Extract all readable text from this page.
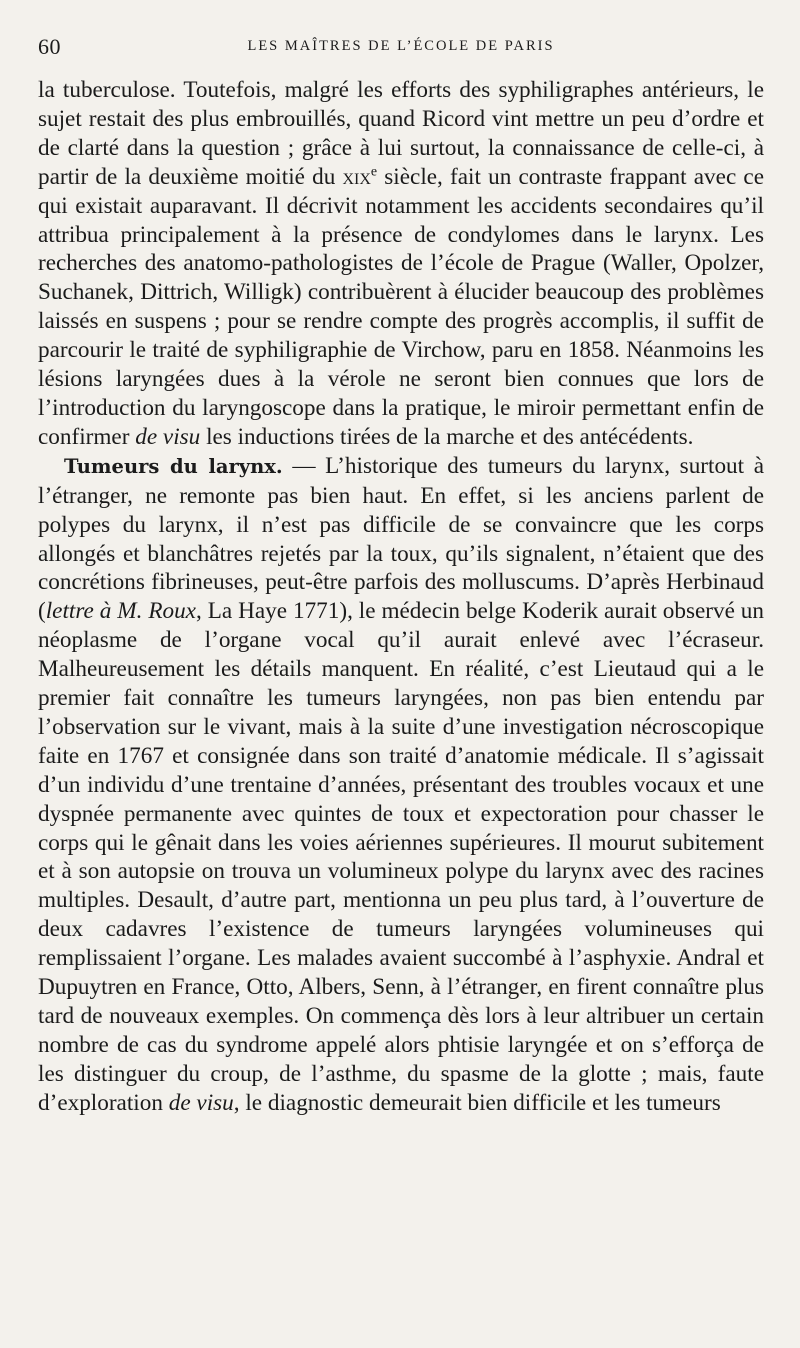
60	LES MAÎTRES DE L’ÉCOLE DE PARIS

la tuberculose. Toutefois, malgré les efforts des syphiligraphes antérieurs, le sujet restait des plus embrouillés, quand Ricord vint mettre un peu d’ordre et de clarté dans la question ; grâce à lui surtout, la connaissance de celle-ci, à partir de la deuxième moitié du xix$^e$ siècle, fait un contraste frappant avec ce qui existait auparavant. Il décrivit notamment les accidents secondaires qu’il attribua principalement à la présence de condylomes dans le larynx. Les recherches des anatomo-pathologistes de l’école de Prague (Waller, Opolzer, Suchanek, Dittrich, Willigk) contribuèrent à élucider beaucoup des problèmes laissés en suspens ; pour se rendre compte des progrès accomplis, il suffit de parcourir le traité de syphiligraphie de Virchow, paru en 1858. Néanmoins les lésions laryngées dues à la vérole ne seront bien connues que lors de l’introduction du laryngoscope dans la pratique, le miroir permettant enfin de confirmer de visu les inductions tirées de la marche et des antécédents.

Tumeurs du larynx. — L’historique des tumeurs du larynx, surtout à l’étranger, ne remonte pas bien haut. En effet, si les anciens parlent de polypes du larynx, il n’est pas difficile de se convaincre que les corps allongés et blanchâtres rejetés par la toux, qu’ils signalent, n’étaient que des concrétions fibrineuses, peut-être parfois des molluscums. D’après Herbinaud (lettre à M. Roux, La Haye 1771), le médecin belge Koderik aurait observé un néoplasme de l’organe vocal qu’il aurait enlevé avec l’écraseur. Malheureusement les détails manquent. En réalité, c’est Lieutaud qui a le premier fait connaître les tumeurs laryngées, non pas bien entendu par l’observation sur le vivant, mais à la suite d’une investigation nécroscopique faite en 1767 et consignée dans son traité d’anatomie médicale. Il s’agissait d’un individu d’une trentaine d’années, présentant des troubles vocaux et une dyspnée permanente avec quintes de toux et expectoration pour chasser le corps qui le gênait dans les voies aériennes supérieures. Il mourut subitement et à son autopsie on trouva un volumineux polype du larynx avec des racines multiples. Desault, d’autre part, mentionna un peu plus tard, à l’ouverture de deux cadavres l’existence de tumeurs laryngées volumineuses qui remplissaient l’organe. Les malades avaient succombé à l’asphyxie. Andral et Dupuytren en France, Otto, Albers, Senn, à l’étranger, en firent connaître plus tard de nouveaux exemples. On commença dès lors à leur altribuer un certain nombre de cas du syndrome appelé alors phtisie laryngée et on s’efforça de les distinguer du croup, de l’asthme, du spasme de la glotte ; mais, faute d’exploration de visu, le diagnostic demeurait bien difficile et les tumeurs
